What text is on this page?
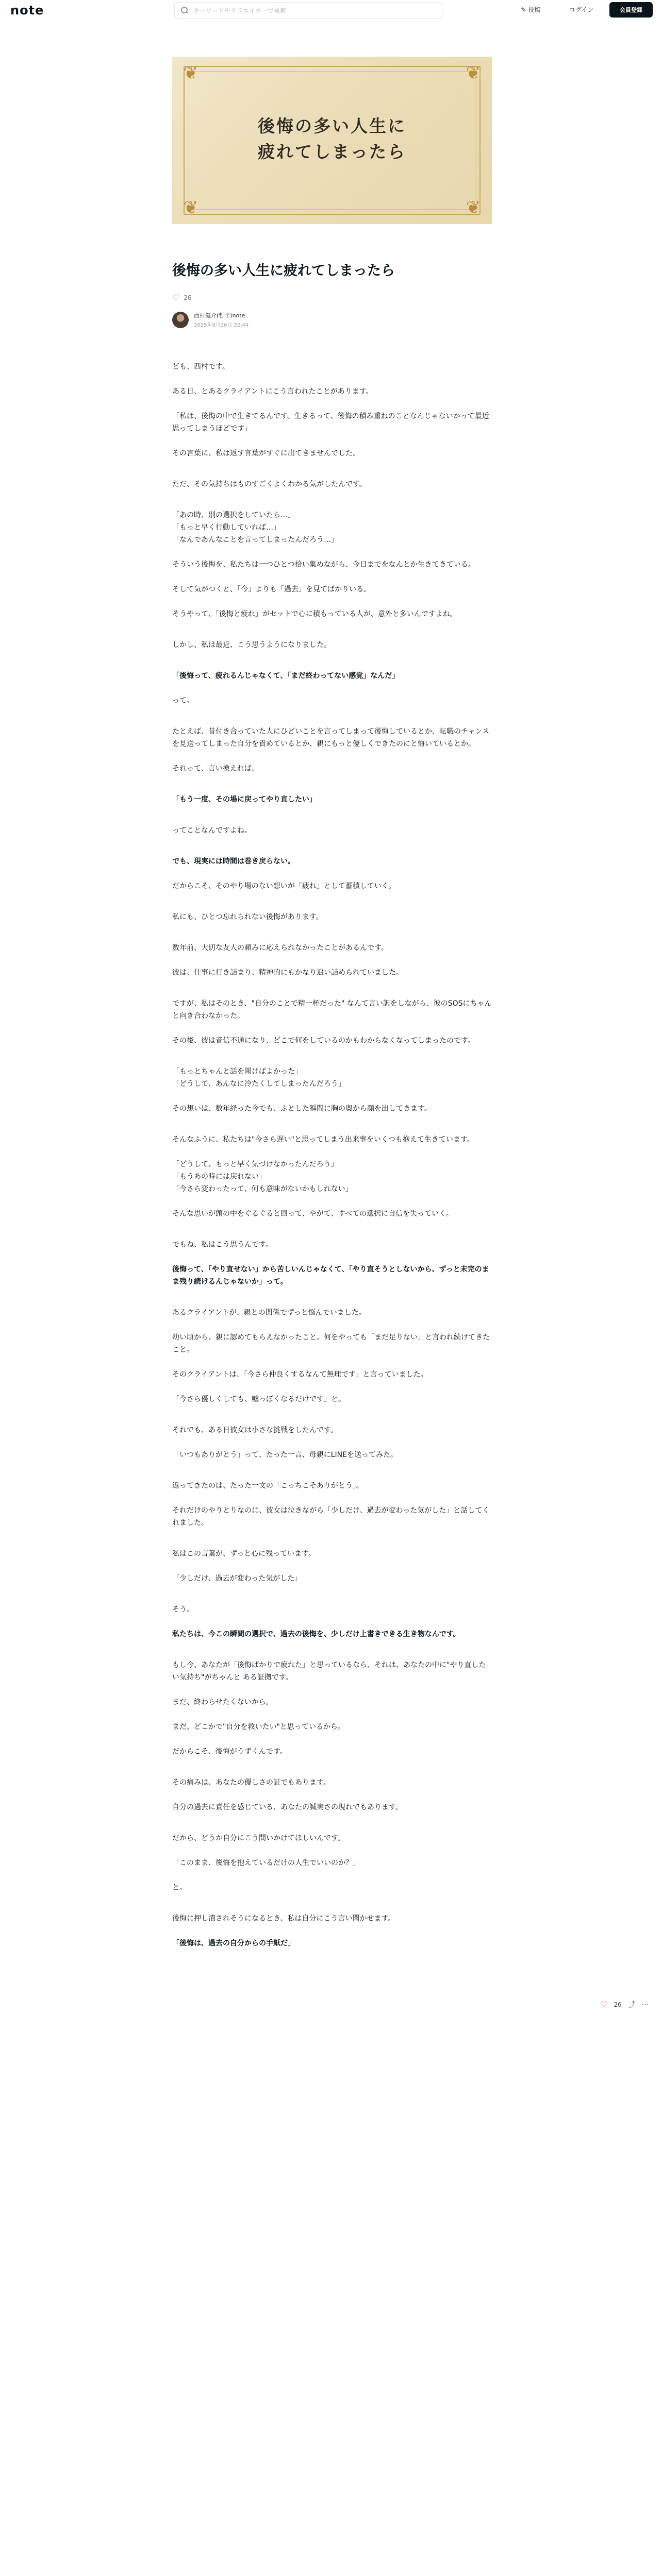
note	キーワードやクリエイターで検索	✎ 投稿	ログイン	会員登録
❦	❦
❦	❦
後悔の多い人生に
疲れてしまったら
後悔の多い人生に疲れてしまったら
♡ 26
西村健介(哲学)note
2025年9月26日 22:44

ども、西村です。

ある日、とあるクライアントにこう言われたことがあります。

「私は、後悔の中で生きてるんです。生きるって、後悔の積み重ねのことなんじゃないかって最近思ってしまうほどです」

その言葉に、私は返す言葉がすぐに出てきませんでした。

ただ、その気持ちはものすごくよくわかる気がしたんです。

「あの時、別の選択をしていたら…」
「もっと早く行動していれば…」
「なんであんなことを言ってしまったんだろう…」

そういう後悔を、私たちは一つひとつ拾い集めながら、今日までをなんとか生きてきている。

そして気がつくと、「今」よりも「過去」を見てばかりいる。

そうやって、「後悔と疲れ」がセットで心に積もっている人が、意外と多いんですよね。

しかし、私は最近、こう思うようになりました。

「後悔って、疲れるんじゃなくて、「まだ終わってない感覚」なんだ」

って。

たとえば、昔付き合っていた人にひどいことを言ってしまって後悔しているとか、転職のチャンスを見送ってしまった自分を責めているとか、親にもっと優しくできたのにと悔いているとか。

それって、言い換えれば、

「もう一度、その場に戻ってやり直したい」

ってことなんですよね。

でも、現実には時間は巻き戻らない。

だからこそ、そのやり場のない想いが「疲れ」として蓄積していく。

私にも、ひとつ忘れられない後悔があります。

数年前、大切な友人の頼みに応えられなかったことがあるんです。

彼は、仕事に行き詰まり、精神的にもかなり追い詰められていました。

ですが、私はそのとき、"自分のことで精一杯だった" なんて言い訳をしながら、彼のSOSにちゃんと向き合わなかった。

その後、彼は音信不通になり、どこで何をしているのかもわからなくなってしまったのです。

「もっとちゃんと話を聞けばよかった」
「どうして、あんなに冷たくしてしまったんだろう」

その想いは、数年経った今でも、ふとした瞬間に胸の奥から顔を出してきます。

そんなふうに、私たちは"今さら遅い"と思ってしまう出来事をいくつも抱えて生きています。

「どうして、もっと早く気づけなかったんだろう」
「もうあの時には戻れない」
「今さら変わったって、何も意味がないかもしれない」

そんな思いが頭の中をぐるぐると回って、やがて、すべての選択に自信を失っていく。

でもね、私はこう思うんです。

後悔って、「やり直せない」から苦しいんじゃなくて、「やり直そうとしないから、ずっと未完のまま残り続けるんじゃないか」って。

あるクライアントが、親との関係でずっと悩んでいました。

幼い頃から、親に認めてもらえなかったこと。何をやっても「まだ足りない」と言われ続けてきたこと。

そのクライアントは、「今さら仲良くするなんて無理です」と言っていました。

「今さら優しくしても、嘘っぽくなるだけです」と。

それでも、ある日彼女は小さな挑戦をしたんです。

「いつもありがとう」って、たった一言、母親にLINEを送ってみた。

返ってきたのは、たった一文の「こっちこそありがとう」。

それだけのやりとりなのに、彼女は泣きながら「少しだけ、過去が変わった気がした」と話してくれました。

私はこの言葉が、ずっと心に残っています。

「少しだけ、過去が変わった気がした」

そう。

私たちは、今この瞬間の選択で、過去の後悔を、少しだけ上書きできる生き物なんです。

もし今、あなたが「後悔ばかりで疲れた」と思っているなら、それは、あなたの中に"やり直したい気持ち"がちゃんと ある証拠です。

まだ、終わらせたくないから。

まだ、どこかで"自分を救いたい"と思っているから。

だからこそ、後悔がうずくんです。

その痛みは、あなたの優しさの証でもあります。

自分の過去に責任を感じている、あなたの誠実さの現れでもあります。

だから、どうか自分にこう問いかけてほしいんです。

「このまま、後悔を抱えているだけの人生でいいのか？」

と。

後悔に押し潰されそうになるとき、私は自分にこう言い聞かせます。

「後悔は、過去の自分からの手紙だ」

♡ 26 ⤴ ⋯
